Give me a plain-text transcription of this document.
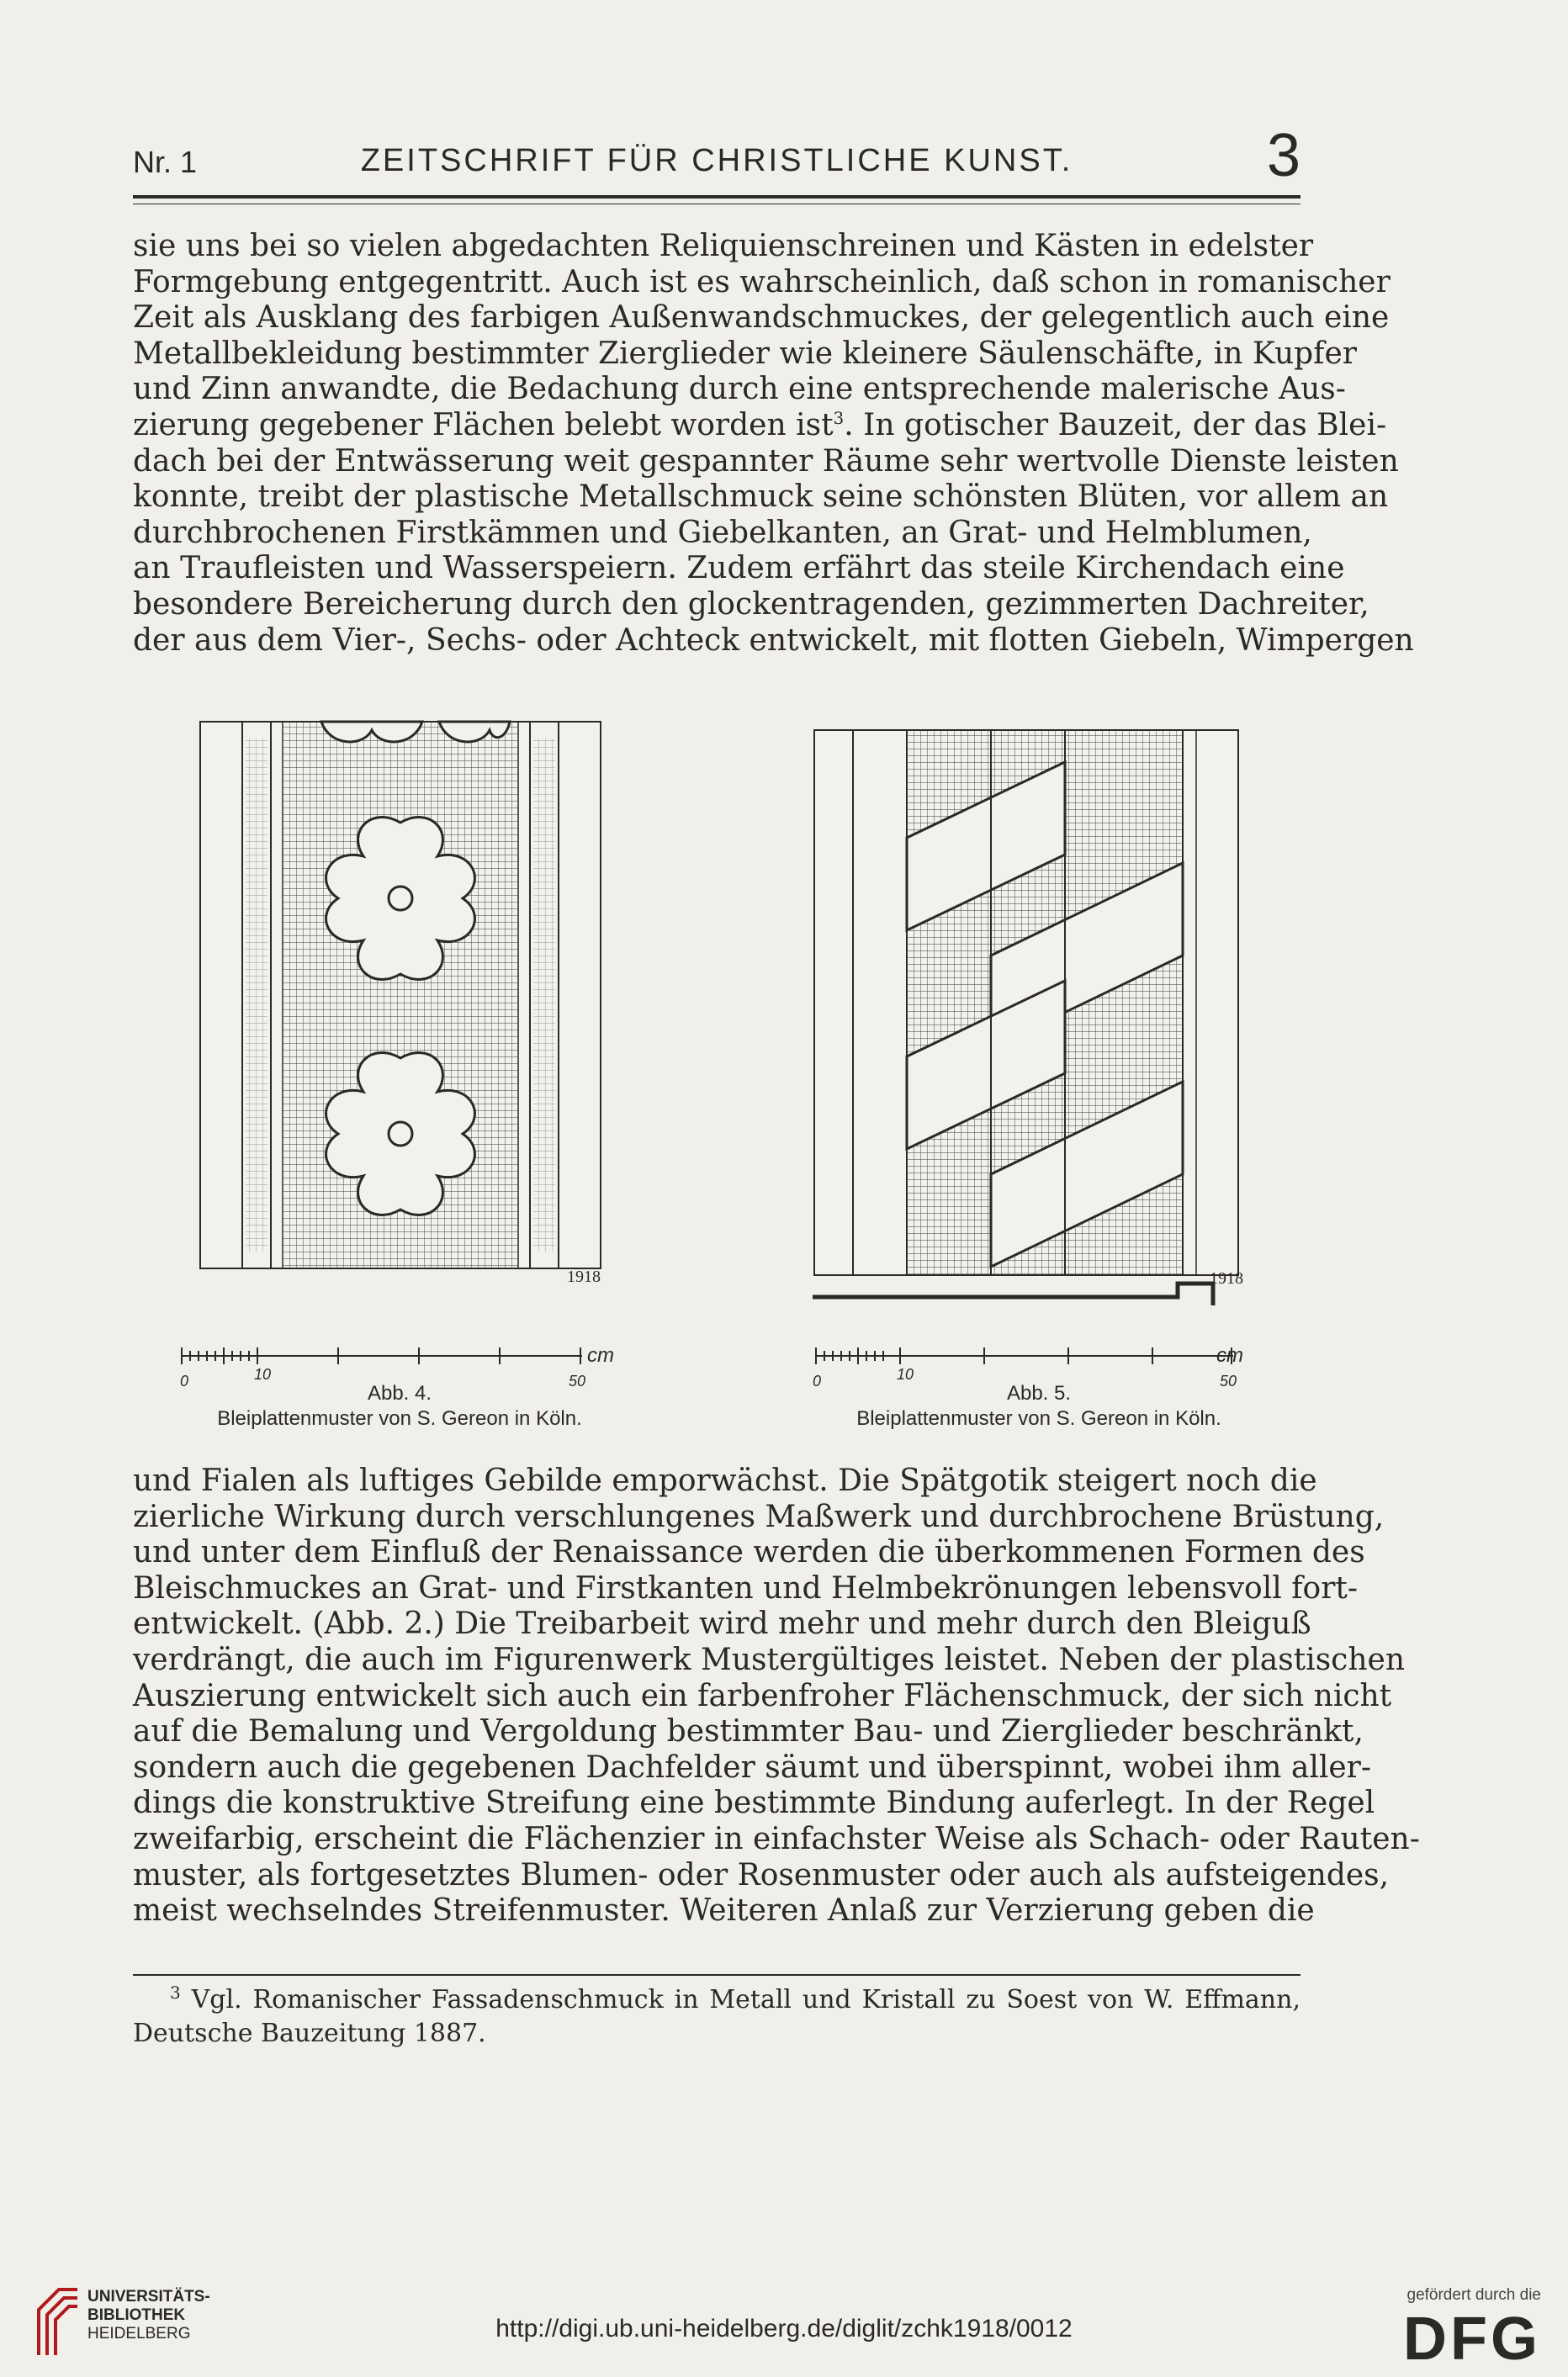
Nr. 1	ZEITSCHRIFT FÜR CHRISTLICHE KUNST.	3
sie uns bei so vielen abgedachten Reliquienschreinen und Kästen in edelster
Formgebung entgegentritt. Auch ist es wahrscheinlich, daß schon in romanischer
Zeit als Ausklang des farbigen Außenwandschmuckes, der gelegentlich auch eine
Metallbekleidung bestimmter Zierglieder wie kleinere Säulenschäfte, in Kupfer
und Zinn anwandte, die Bedachung durch eine entsprechende malerische Aus-
zierung gegebener Flächen belebt worden ist$^3$. In gotischer Bauzeit, der das Blei-
dach bei der Entwässerung weit gespannter Räume sehr wertvolle Dienste leisten
konnte, treibt der plastische Metallschmuck seine schönsten Blüten, vor allem an
durchbrochenen Firstkämmen und Giebelkanten, an Grat- und Helmblumen,
an Traufleisten und Wasserspeiern. Zudem erfährt das steile Kirchendach eine
besondere Bereicherung durch den glockentragenden, gezimmerten Dachreiter,
der aus dem Vier-, Sechs- oder Achteck entwickelt, mit flotten Giebeln, Wimpergen
1918	1918
0	10	50
cm
0	10	50
cm
Abb. 4.
Bleiplattenmuster von S. Gereon in Köln.
Abb. 5.
Bleiplattenmuster von S. Gereon in Köln.
und Fialen als luftiges Gebilde emporwächst. Die Spätgotik steigert noch die
zierliche Wirkung durch verschlungenes Maßwerk und durchbrochene Brüstung,
und unter dem Einfluß der Renaissance werden die überkommenen Formen des
Bleischmuckes an Grat- und Firstkanten und Helmbekrönungen lebensvoll fort-
entwickelt. (Abb. 2.) Die Treibarbeit wird mehr und mehr durch den Bleiguß
verdrängt, die auch im Figurenwerk Mustergültiges leistet. Neben der plastischen
Auszierung entwickelt sich auch ein farbenfroher Flächenschmuck, der sich nicht
auf die Bemalung und Vergoldung bestimmter Bau- und Zierglieder beschränkt,
sondern auch die gegebenen Dachfelder säumt und überspinnt, wobei ihm aller-
dings die konstruktive Streifung eine bestimmte Bindung auferlegt. In der Regel
zweifarbig, erscheint die Flächenzier in einfachster Weise als Schach- oder Rauten-
muster, als fortgesetztes Blumen- oder Rosenmuster oder auch als aufsteigendes,
meist wechselndes Streifenmuster. Weiteren Anlaß zur Verzierung geben die
$^3$ Vgl. Romanischer Fassadenschmuck in Metall und Kristall zu Soest von W. Effmann,
Deutsche Bauzeitung 1887.
UNIVERSITÄTS-
BIBLIOTHEK
HEIDELBERG	http://digi.ub.uni-heidelberg.de/diglit/zchk1918/0012
gefördert durch die
DFG
